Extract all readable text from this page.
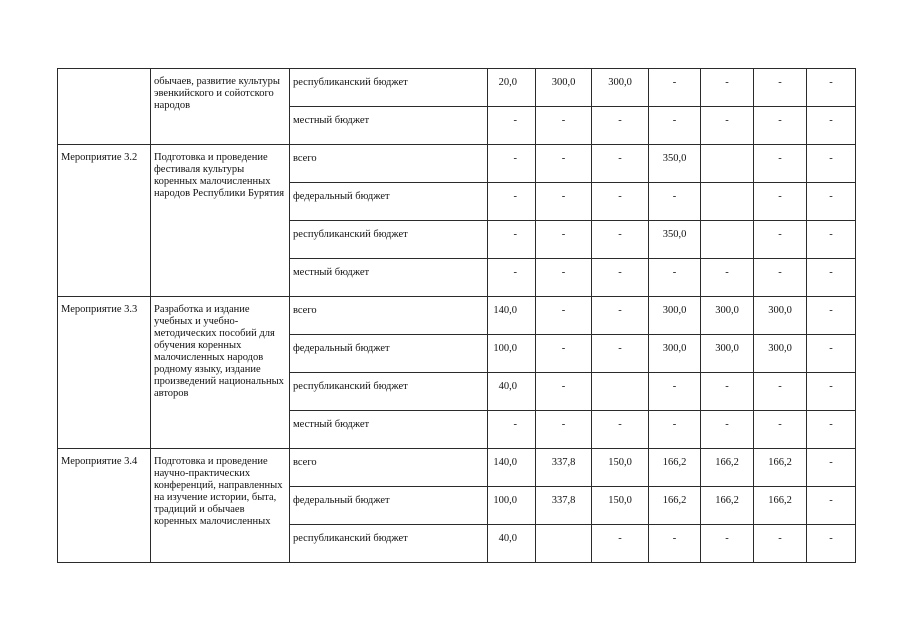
	обычаев, развитие культуры эвенкийского и сойотского народов	республиканский бюджет	20,0	300,0	300,0	-	-	-	-
		местный бюджет	-	-	-	-	-	-	-
Мероприятие 3.2	Подготовка и проведение фестиваля культуры коренных малочисленных народов Республики Бурятия	всего	-	-	-	350,0		-	-
		федеральный бюджет	-	-	-	-		-	-
		республиканский бюджет	-	-	-	350,0		-	-
		местный бюджет	-	-	-	-	-	-	-
Мероприятие 3.3	Разработка и издание учебных и учебно-методических пособий для обучения коренных малочисленных народов родному языку, издание произведений национальных авторов	всего	140,0	-	-	300,0	300,0	300,0	-
		федеральный бюджет	100,0	-	-	300,0	300,0	300,0	-
		республиканский бюджет	40,0	-		-	-	-	-
		местный бюджет	-	-	-	-	-	-	-
Мероприятие 3.4	Подготовка и проведение научно-практических конференций, направленных на изучение истории, быта, традиций и обычаев коренных малочисленных	всего	140,0	337,8	150,0	166,2	166,2	166,2	-
		федеральный бюджет	100,0	337,8	150,0	166,2	166,2	166,2	-
		республиканский бюджет	40,0		-	-	-	-	-
